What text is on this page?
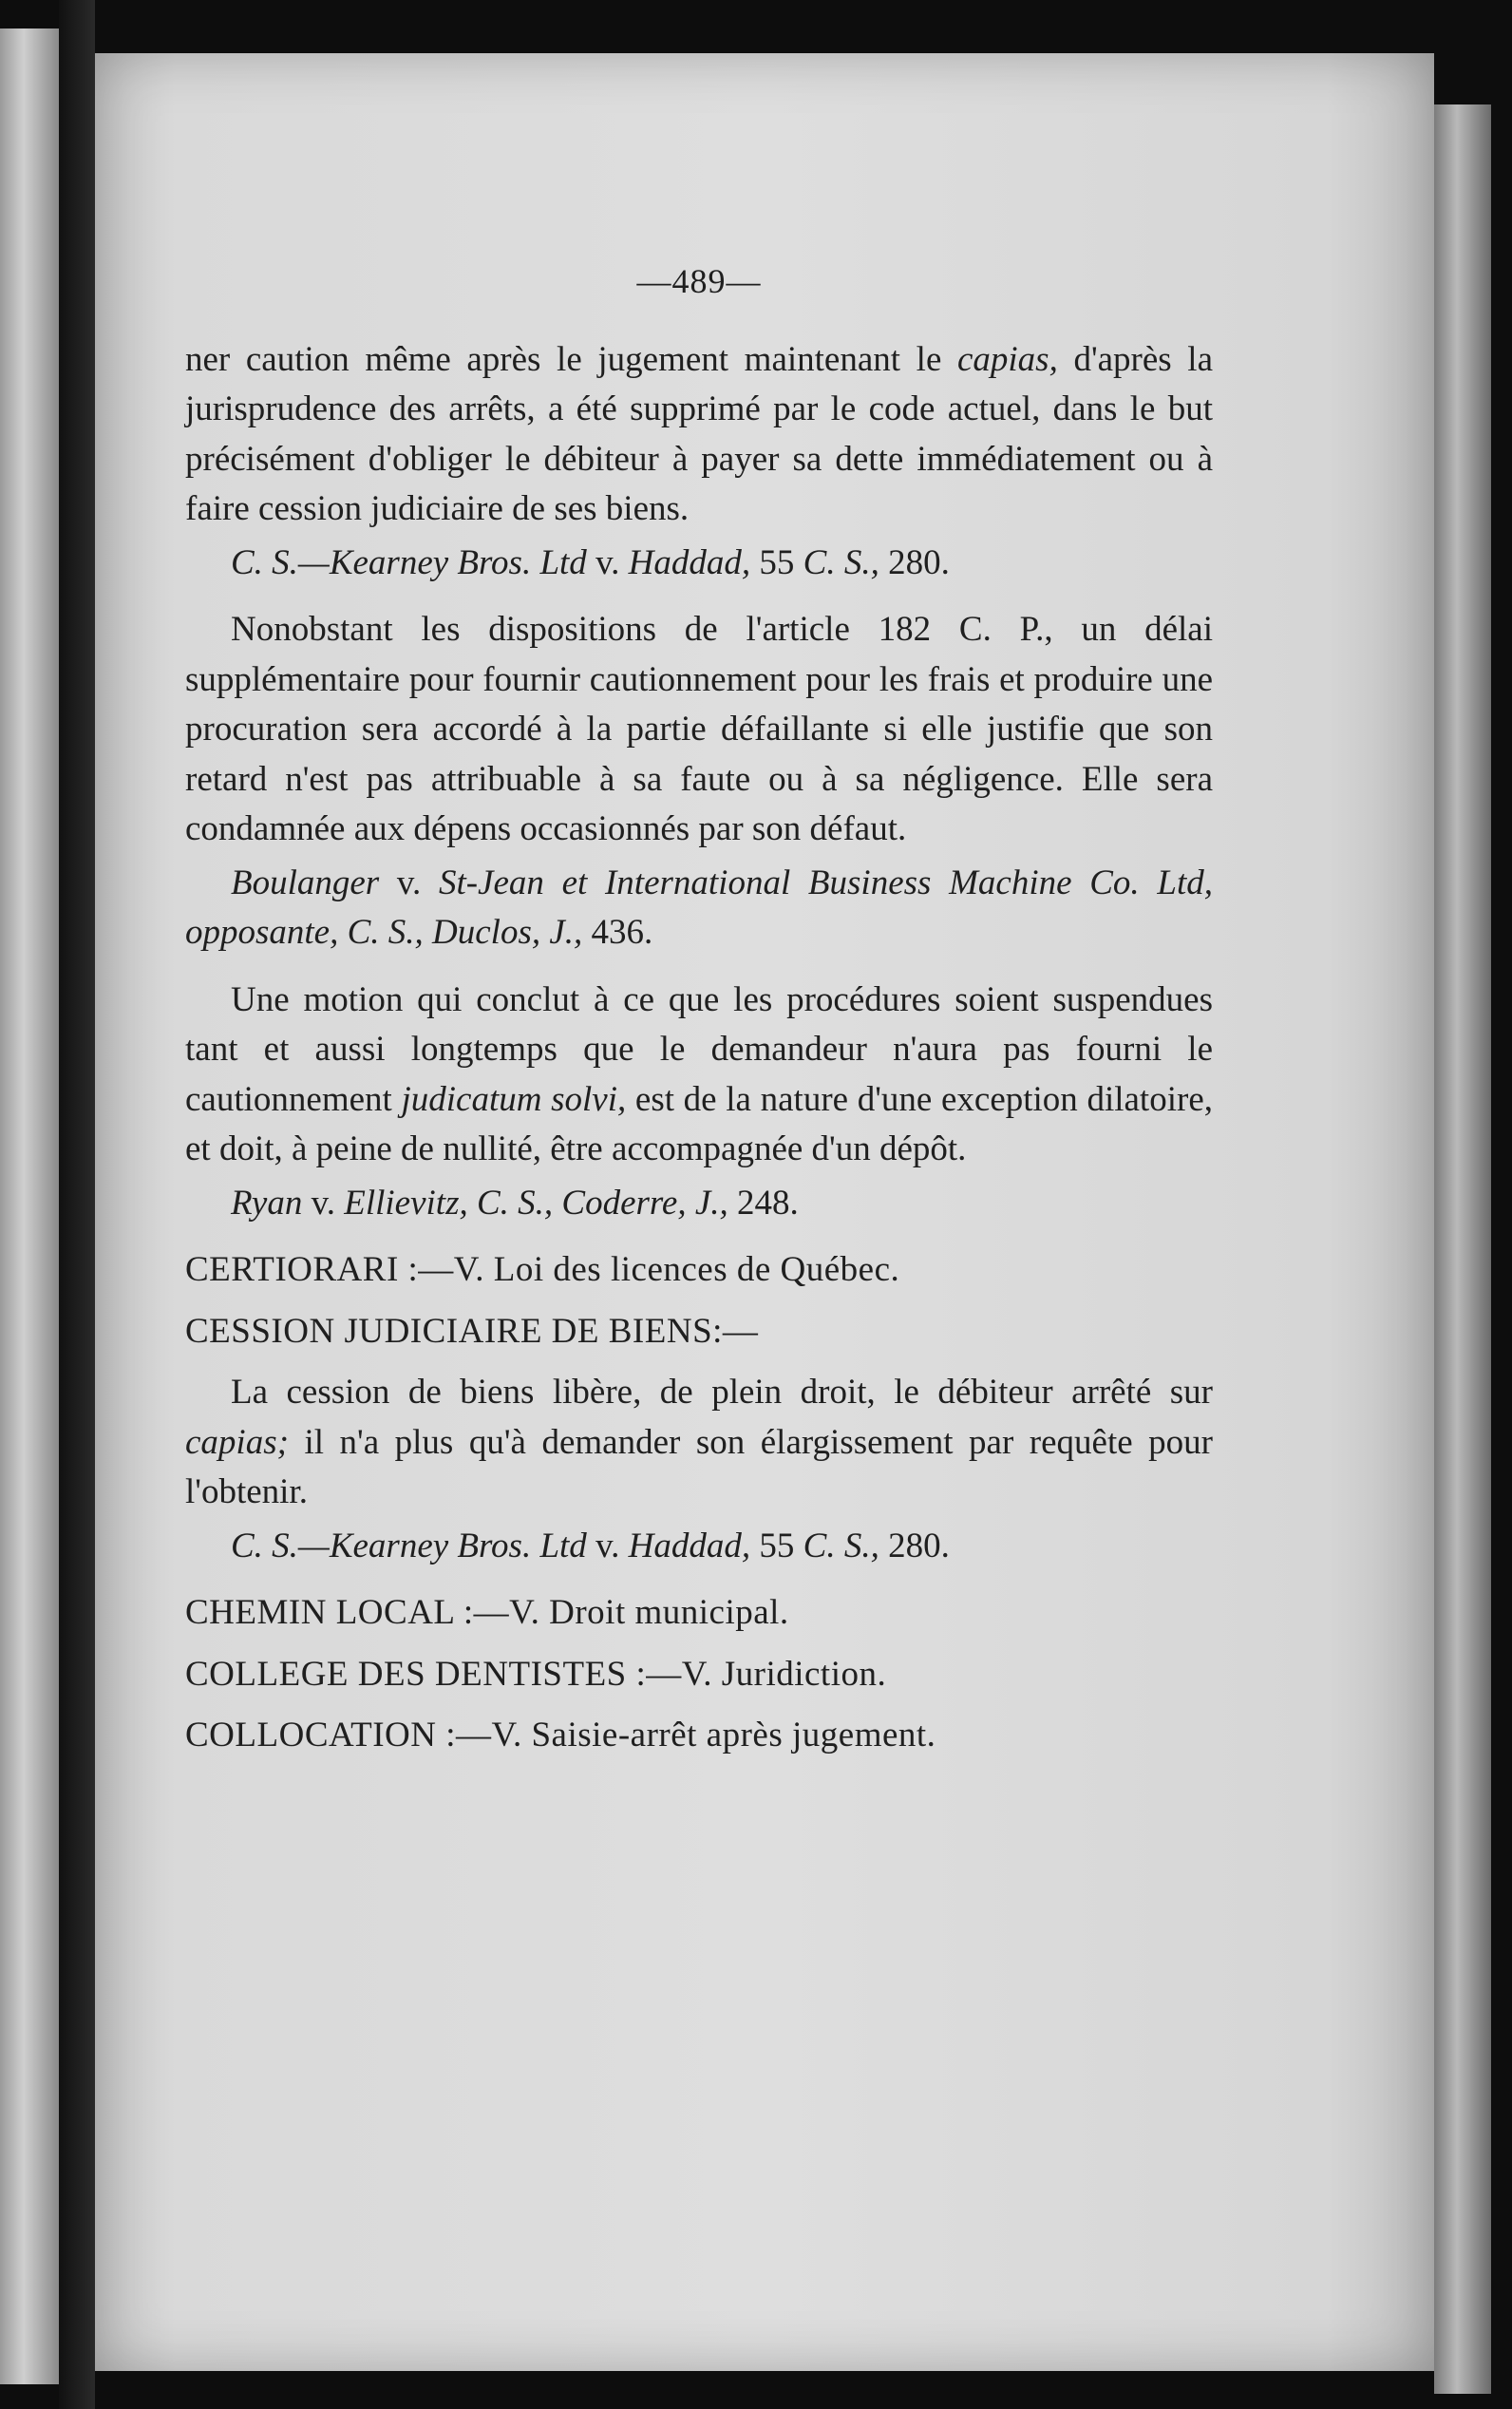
—489—

ner caution même après le jugement maintenant le capias, d'après la jurisprudence des arrêts, a été supprimé par le code actuel, dans le but précisément d'obliger le débiteur à payer sa dette immédiatement ou à faire cession judiciaire de ses biens.

C. S.—Kearney Bros. Ltd v. Haddad, 55 C. S., 280.

Nonobstant les dispositions de l'article 182 C. P., un délai supplémentaire pour fournir cautionnement pour les frais et produire une procuration sera accordé à la partie défaillante si elle justifie que son retard n'est pas attribuable à sa faute ou à sa négligence. Elle sera condamnée aux dépens occasionnés par son défaut.

Boulanger v. St-Jean et International Business Machine Co. Ltd, opposante, C. S., Duclos, J., 436.

Une motion qui conclut à ce que les procédures soient suspendues tant et aussi longtemps que le demandeur n'aura pas fourni le cautionnement judicatum solvi, est de la nature d'une exception dilatoire, et doit, à peine de nullité, être accompagnée d'un dépôt.

Ryan v. Ellievitz, C. S., Coderre, J., 248.
CERTIORARI :—V. Loi des licences de Québec.
CESSION JUDICIAIRE DE BIENS:—

La cession de biens libère, de plein droit, le débiteur arrêté sur capias; il n'a plus qu'à demander son élargissement par requête pour l'obtenir.

C. S.—Kearney Bros. Ltd v. Haddad, 55 C. S., 280.
CHEMIN LOCAL :—V. Droit municipal.
COLLEGE DES DENTISTES :—V. Juridiction.
COLLOCATION :—V. Saisie-arrêt après jugement.
